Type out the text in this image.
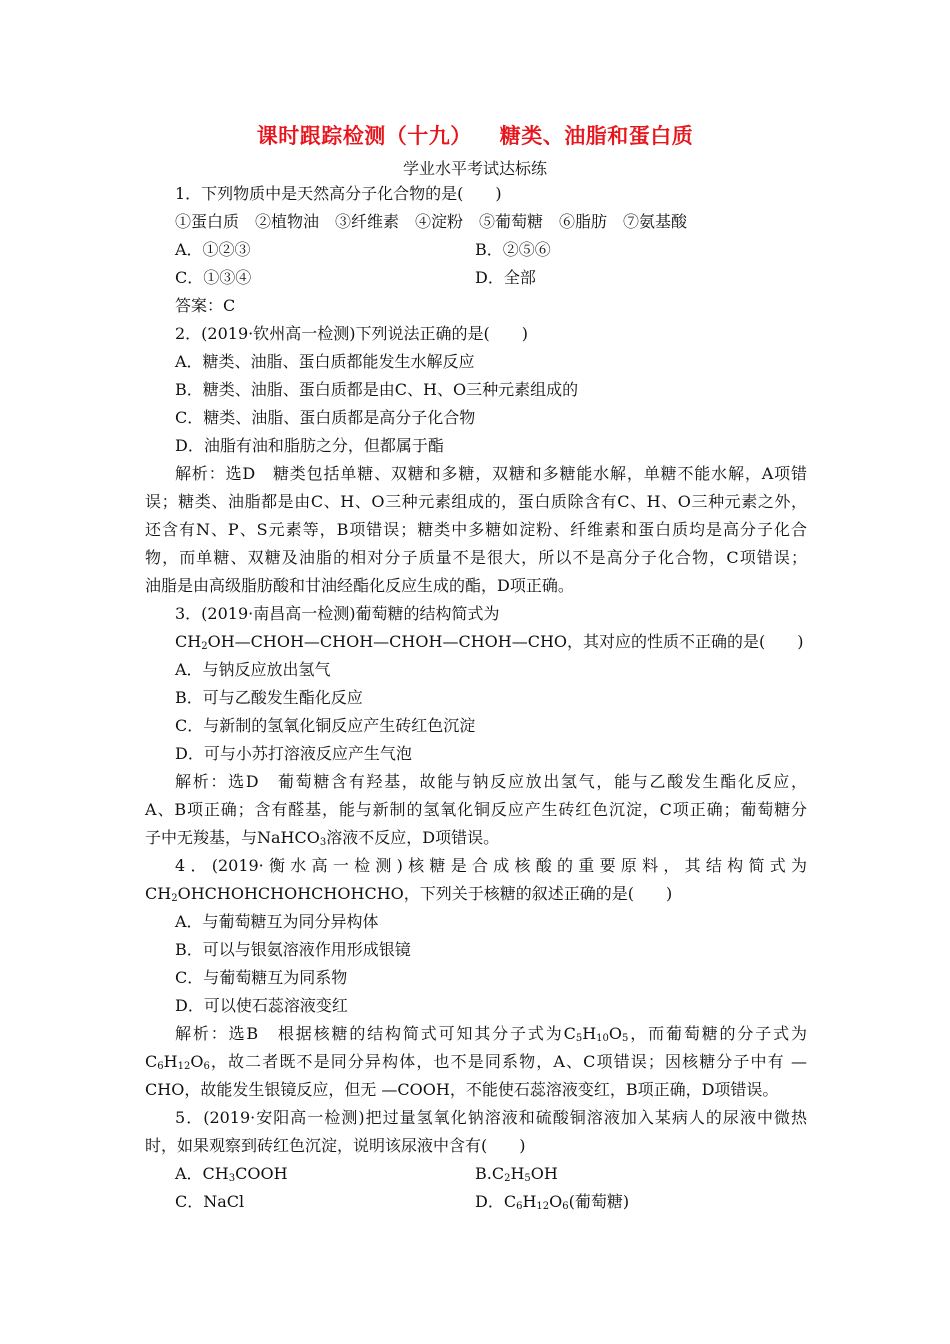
课时跟踪检测（十九） 糖类、油脂和蛋白质
学业水平考试达标练
1．下列物质中是天然高分子化合物的是(　　)
①蛋白质　②植物油　③纤维素　④淀粉　⑤葡萄糖　⑥脂肪　⑦氨基酸
A．①②③	B．②⑤⑥
C．①③④	D．全部
答案：C
2．(2019·钦州高一检测)下列说法正确的是(　　)
A．糖类、油脂、蛋白质都能发生水解反应
B．糖类、油脂、蛋白质都是由C、H、O三种元素组成的
C．糖类、油脂、蛋白质都是高分子化合物
D．油脂有油和脂肪之分，但都属于酯
解析：选D　糖类包括单糖、双糖和多糖，双糖和多糖能水解，单糖不能水解，A项错
误；糖类、油脂都是由C、H、O三种元素组成的，蛋白质除含有C、H、O三种元素之外，
还含有N、P、S元素等，B项错误；糖类中多糖如淀粉、纤维素和蛋白质均是高分子化合
物，而单糖、双糖及油脂的相对分子质量不是很大，所以不是高分子化合物，C项错误；
油脂是由高级脂肪酸和甘油经酯化反应生成的酯，D项正确。
3．(2019·南昌高一检测)葡萄糖的结构简式为
$CH_2OH—CHOH—CHOH—CHOH—CHOH—CHO$，其对应的性质不正确的是(　　)
A．与钠反应放出氢气
B．可与乙酸发生酯化反应
C．与新制的氢氧化铜反应产生砖红色沉淀
D．可与小苏打溶液反应产生气泡
解析：选D　葡萄糖含有羟基，故能与钠反应放出氢气，能与乙酸发生酯化反应，
A、B项正确；含有醛基，能与新制的氢氧化铜反应产生砖红色沉淀，C项正确；葡萄糖分
子中无羧基，与NaHCO$_3$溶液不反应，D项错误。
4．(2019·衡水高一检测)核糖是合成核酸的重要原料，其结构简式为
$CH_2OHCHOHCHOHCHOHCHO$，下列关于核糖的叙述正确的是(　　)
A．与葡萄糖互为同分异构体
B．可以与银氨溶液作用形成银镜
C．与葡萄糖互为同系物
D．可以使石蕊溶液变红
解析：选B　根据核糖的结构简式可知其分子式为$C_5H_{10}O_5$，而葡萄糖的分子式为
$C_6H_{12}O_6$，故二者既不是同分异构体，也不是同系物，A、C项错误；因核糖分子中有 —
CHO，故能发生银镜反应，但无 —COOH，不能使石蕊溶液变红，B项正确，D项错误。
5．(2019·安阳高一检测)把过量氢氧化钠溶液和硫酸铜溶液加入某病人的尿液中微热
时，如果观察到砖红色沉淀，说明该尿液中含有(　　)
A．$CH_3COOH$	$B.C_2H_5OH$
C．NaCl	D．$C_6H_{12}O_6$(葡萄糖)
